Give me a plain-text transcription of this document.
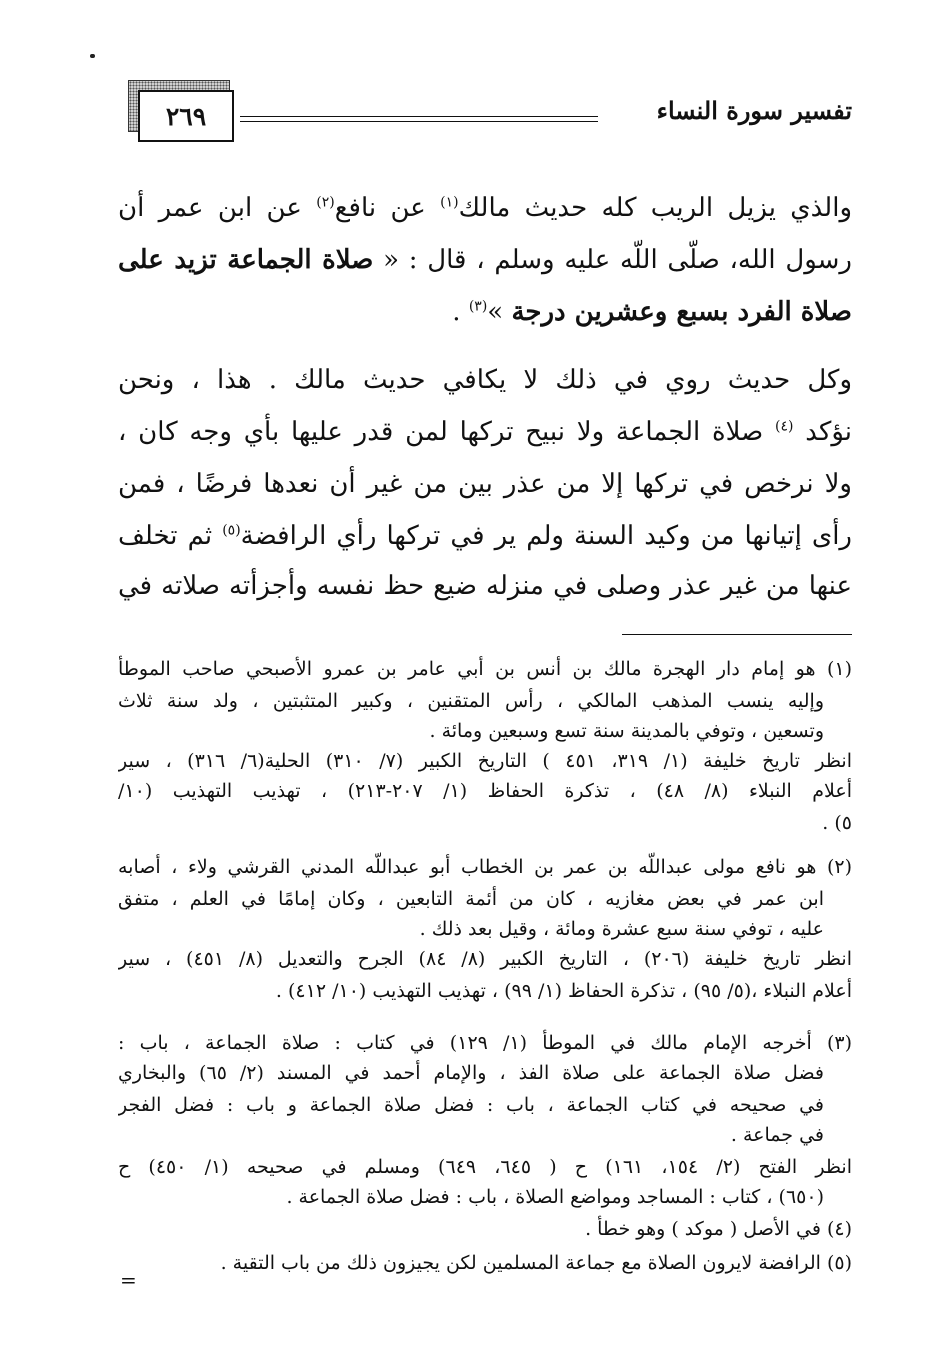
٢٦٩	تفسير سورة النساء
والذي يزيل الريب كله حديث مالك$^{(١)}$ عن نافع$^{(٢)}$ عن ابن عمر أن
رسول الله، صلّى اللّه عليه وسلم ، قال : « صلاة الجماعة تزيد على
صلاة الفرد بسبع وعشرين درجة »$^{(٣)}$ .
وكل حديث روي في ذلك لا يكافي حديث مالك . هذا ، ونحن
نؤكد $^{(٤)}$ صلاة الجماعة ولا نبيح تركها لمن قدر عليها بأي وجه كان ،
ولا نرخص في تركها إلا من عذر بين من غير أن نعدها فرضًا ، فمن
رأى إتيانها من وكيد السنة ولم ير في تركها رأي الرافضة$^{(٥)}$ ثم تخلف
عنها من غير عذر وصلى في منزله ضيع حظ نفسه وأجزأته صلاته في
(١) هو إمام دار الهجرة مالك بن أنس بن أبي عامر بن عمرو الأصبحي صاحب الموطأ
وإليه ينسب المذهب المالكي ، رأس المتقنين ، وكبير المتثبتين ، ولد سنة ثلاث
وتسعين ، وتوفي بالمدينة سنة تسع وسبعين ومائة .
انظر تاريخ خليفة (١/ ٣١٩، ٤٥١ ) التاريخ الكبير (٧/ ٣١٠) الحلية(٦/ ٣١٦) ، سير
أعلام النبلاء (٨/ ٤٨) ، تذكرة الحفاظ (١/ ٢٠٧-٢١٣) ، تهذيب التهذيب (١٠/
٥) .
(٢) هو نافع مولى عبداللّه بن عمر بن الخطاب أبو عبداللّه المدني القرشي ولاء ، أصابه
ابن عمر في بعض مغازيه ، كان من أئمة التابعين ، وكان إمامًا في العلم ، متفق
عليه ، توفي سنة سبع عشرة ومائة ، وقيل بعد ذلك .
انظر تاريخ خليفة (٢٠٦) ، التاريخ الكبير (٨/ ٨٤) الجرح والتعديل (٨/ ٤٥١) ، سير
أعلام النبلاء ،(٥/ ٩٥) ، تذكرة الحفاظ (١/ ٩٩) ، تهذيب التهذيب (١٠/ ٤١٢) .
(٣) أخرجه الإمام مالك في الموطأ (١/ ١٢٩) في كتاب : صلاة الجماعة ، باب :
فضل صلاة الجماعة على صلاة الفذ ، والإمام أحمد في المسند (٢/ ٦٥) والبخاري
في صحيحه في كتاب الجماعة ، باب : فضل صلاة الجماعة و باب : فضل الفجر
في جماعة .
انظر الفتح (٢/ ١٥٤، ١٦١) ح ( ٦٤٥، ٦٤٩) ومسلم في صحيحه (١/ ٤٥٠) ح
(٦٥٠) ، كتاب : المساجد ومواضع الصلاة ، باب : فضل صلاة الجماعة .
(٤) في الأصل ( موكد ) وهو خطأ .
(٥) الرافضة لايرون الصلاة مع جماعة المسلمين لكن يجيزون ذلك من باب التقية .
=
